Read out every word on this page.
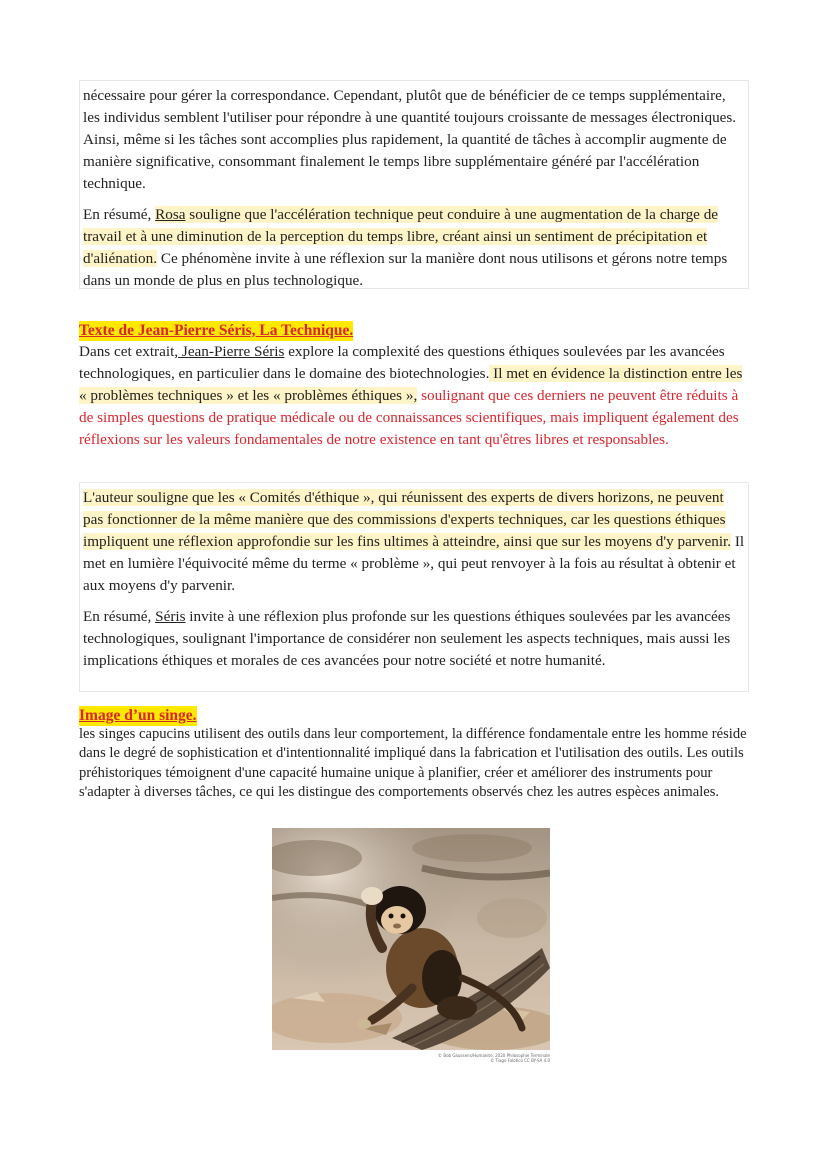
nécessaire pour gérer la correspondance. Cependant, plutôt que de bénéficier de ce temps supplémentaire, les individus semblent l'utiliser pour répondre à une quantité toujours croissante de messages électroniques. Ainsi, même si les tâches sont accomplies plus rapidement, la quantité de tâches à accomplir augmente de manière significative, consommant finalement le temps libre supplémentaire généré par l'accélération technique.

En résumé, Rosa souligne que l'accélération technique peut conduire à une augmentation de la charge de travail et à une diminution de la perception du temps libre, créant ainsi un sentiment de précipitation et d'aliénation. Ce phénomène invite à une réflexion sur la manière dont nous utilisons et gérons notre temps dans un monde de plus en plus technologique.

Texte de Jean-Pierre Séris, La Technique.

Dans cet extrait, Jean-Pierre Séris explore la complexité des questions éthiques soulevées par les avancées technologiques, en particulier dans le domaine des biotechnologies. Il met en évidence la distinction entre les « problèmes techniques » et les « problèmes éthiques », soulignant que ces derniers ne peuvent être réduits à de simples questions de pratique médicale ou de connaissances scientifiques, mais impliquent également des réflexions sur les valeurs fondamentales de notre existence en tant qu'êtres libres et responsables.

L'auteur souligne que les « Comités d'éthique », qui réunissent des experts de divers horizons, ne peuvent pas fonctionner de la même manière que des commissions d'experts techniques, car les questions éthiques impliquent une réflexion approfondie sur les fins ultimes à atteindre, ainsi que sur les moyens d'y parvenir. Il met en lumière l'équivocité même du terme « problème », qui peut renvoyer à la fois au résultat à obtenir et aux moyens d'y parvenir.

En résumé, Séris invite à une réflexion plus profonde sur les questions éthiques soulevées par les avancées technologiques, soulignant l'importance de considérer non seulement les aspects techniques, mais aussi les implications éthiques et morales de ces avancées pour notre société et notre humanité.

Image d’un singe.

les singes capucins utilisent des outils dans leur comportement, la différence fondamentale entre les homme réside dans le degré de sophistication et d'intentionnalité impliqué dans la fabrication et l'utilisation des outils. Les outils préhistoriques témoignent d'une capacité humaine unique à planifier, créer et améliorer des instruments pour s'adapter à diverses tâches, ce qui les distingue des comportements observés chez les autres espèces animales.

© Bob Gaussens/Humanite, 2020 Philosophie Terminale
© Tiago Falotico CC BY-SA 4.0
